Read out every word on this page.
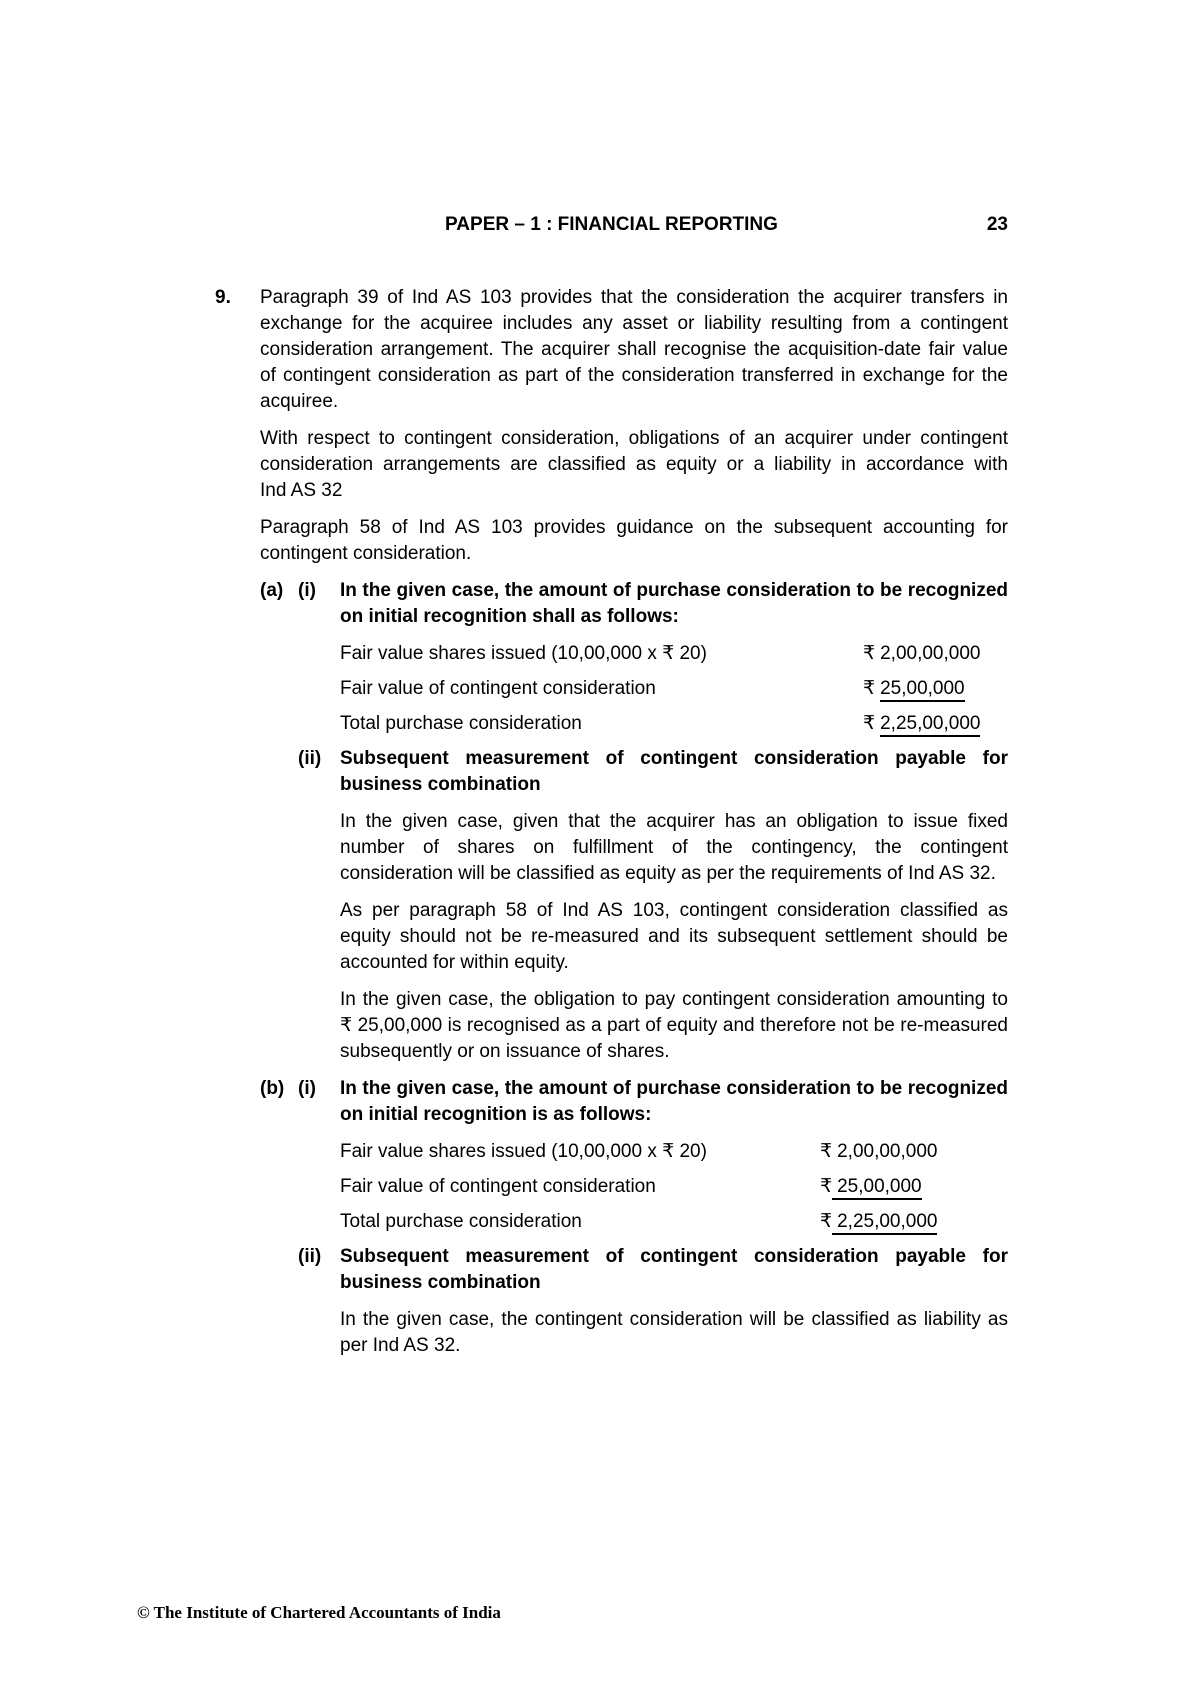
PAPER – 1 : FINANCIAL REPORTING	23
9.	Paragraph 39 of Ind AS 103 provides that the consideration the acquirer transfers in
exchange for the acquiree includes any asset or liability resulting from a contingent
consideration arrangement. The acquirer shall recognise the acquisition-date fair value
of contingent consideration as part of the consideration transferred in exchange for the
acquiree.
With respect to contingent consideration, obligations of an acquirer under contingent
consideration arrangements are classified as equity or a liability in accordance with
Ind AS 32
Paragraph 58 of Ind AS 103 provides guidance on the subsequent accounting for
contingent consideration.
(a) (i)	In the given case, the amount of purchase consideration to be recognized
on initial recognition shall as follows:
Fair value shares issued (10,00,000 x ₹ 20)	₹ 2,00,00,000
Fair value of contingent consideration	₹ 25,00,000
Total purchase consideration	₹ 2,25,00,000
(ii) Subsequent measurement of contingent consideration payable for
business combination
In the given case, given that the acquirer has an obligation to issue fixed
number of shares on fulfillment of the contingency, the contingent
consideration will be classified as equity as per the requirements of Ind AS 32.
As per paragraph 58 of Ind AS 103, contingent consideration classified as
equity should not be re-measured and its subsequent settlement should be
accounted for within equity.
In the given case, the obligation to pay contingent consideration amounting to
₹ 25,00,000 is recognised as a part of equity and therefore not be re-measured
subsequently or on issuance of shares.
(b) (i)	In the given case, the amount of purchase consideration to be recognized
on initial recognition is as follows:
Fair value shares issued (10,00,000 x ₹ 20)	₹ 2,00,00,000
Fair value of contingent consideration	₹ 25,00,000
Total purchase consideration	₹ 2,25,00,000
(ii) Subsequent measurement of contingent consideration payable for
business combination
In the given case, the contingent consideration will be classified as liability as
per Ind AS 32.
© The Institute of Chartered Accountants of India
